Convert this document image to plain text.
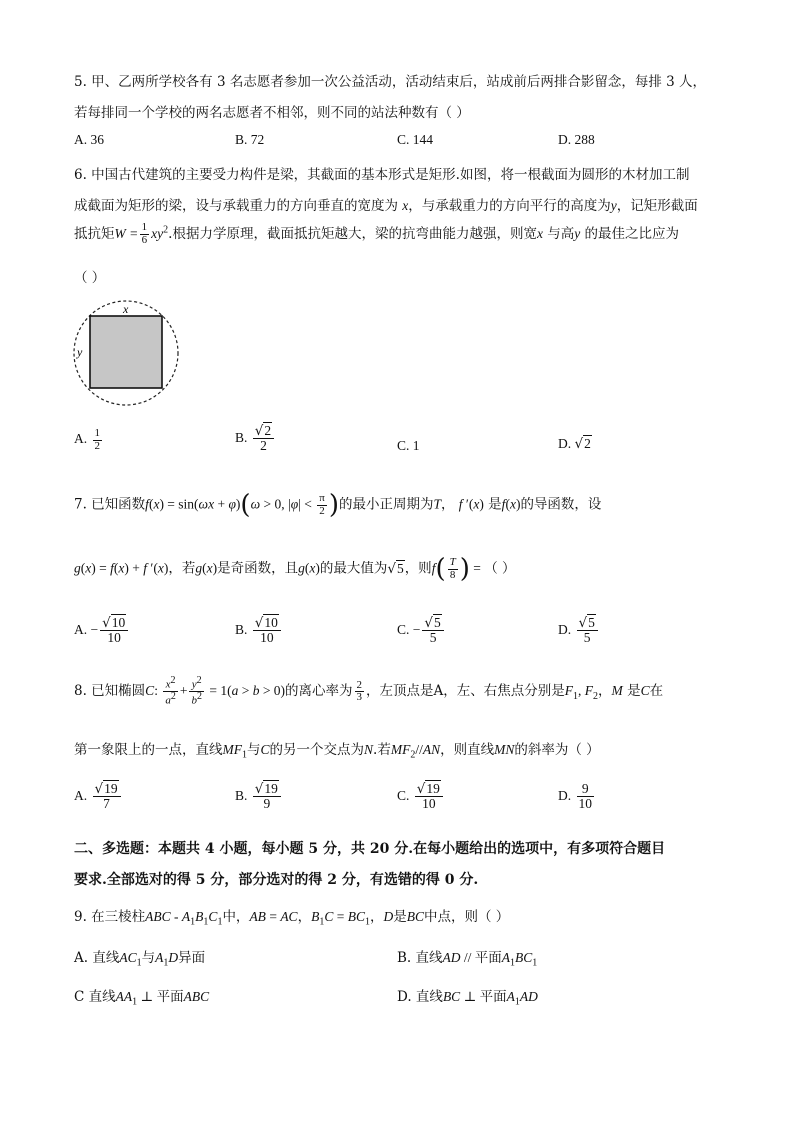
5. 甲、乙两所学校各有 3 名志愿者参加一次公益活动，活动结束后，站成前后两排合影留念，每排 3 人，
若每排同一个学校的两名志愿者不相邻，则不同的站法种数有（ ）
A. 36	B. 72	C. 144	D. 288
6. 中国古代建筑的主要受力构件是梁，其截面的基本形式是矩形.如图，将一根截面为圆形的木材加工制
成截面为矩形的梁，设与承载重力的方向垂直的宽度为 x，与承载重力的方向平行的高度为y，记矩形截面
抵抗矩$W = \frac{1}{6} xy^2$.根据力学原理，截面抵抗矩越大，梁的抗弯曲能力越强，则宽x 与高y 的最佳之比应为
（ ）
x
y
A. $\frac{1}{2}$	B. $\frac{√2}{2}$	C. 1	D. √2
7. 已知函数f(x) = sin(ωx + φ)(ω > 0, $|\varphi| < \frac{\pi}{2}$ )的最小正周期为T， f ′(x) 是f(x)的导函数，设
g(x) = f(x) + f ′(x)，若g(x)是奇函数，且g(x)的最大值为√5，则$f( \frac{T}{8}$ ) = （ ）
A. − $\frac{√10}{10}$	B. $\frac{√10}{10}$	C. − $\frac{√5}{5}$	D. $\frac{√5}{5}$
8. 已知椭圆C: $\frac{x^2}{a^2} + \frac{y^2}{b^2} = 1(a > b > 0)$的离心率为 $\frac{2}{3}$ ，左顶点是A，左、右焦点分别是$F_1$, $F_2$，M 是C在
第一象限上的一点，直线$MF_1$与C的另一个交点为N.若$MF_2//AN$，则直线MN的斜率为（ ）
A. $\frac{√19}{7}$	B. $\frac{√19}{9}$	C. $\frac{√19}{10}$	D. $\frac{9}{10}$
二、多选题：本题共 4 小题，每小题 5 分，共 20 分.在每小题给出的选项中，有多项符合题目
要求.全部选对的得 5 分，部分选对的得 2 分，有选错的得 0 分.
9. 在三棱柱ABC - $A_1B_1C_1$中，AB = AC，$B_1C = BC_1$，D是BC中点，则（ ）
A. 直线$AC_1$与$A_1D$异面	B. 直线AD // 平面$A_1BC_1$
C 直线$AA_1$ ⊥ 平面ABC	D. 直线BC ⊥ 平面$A_1AD$
